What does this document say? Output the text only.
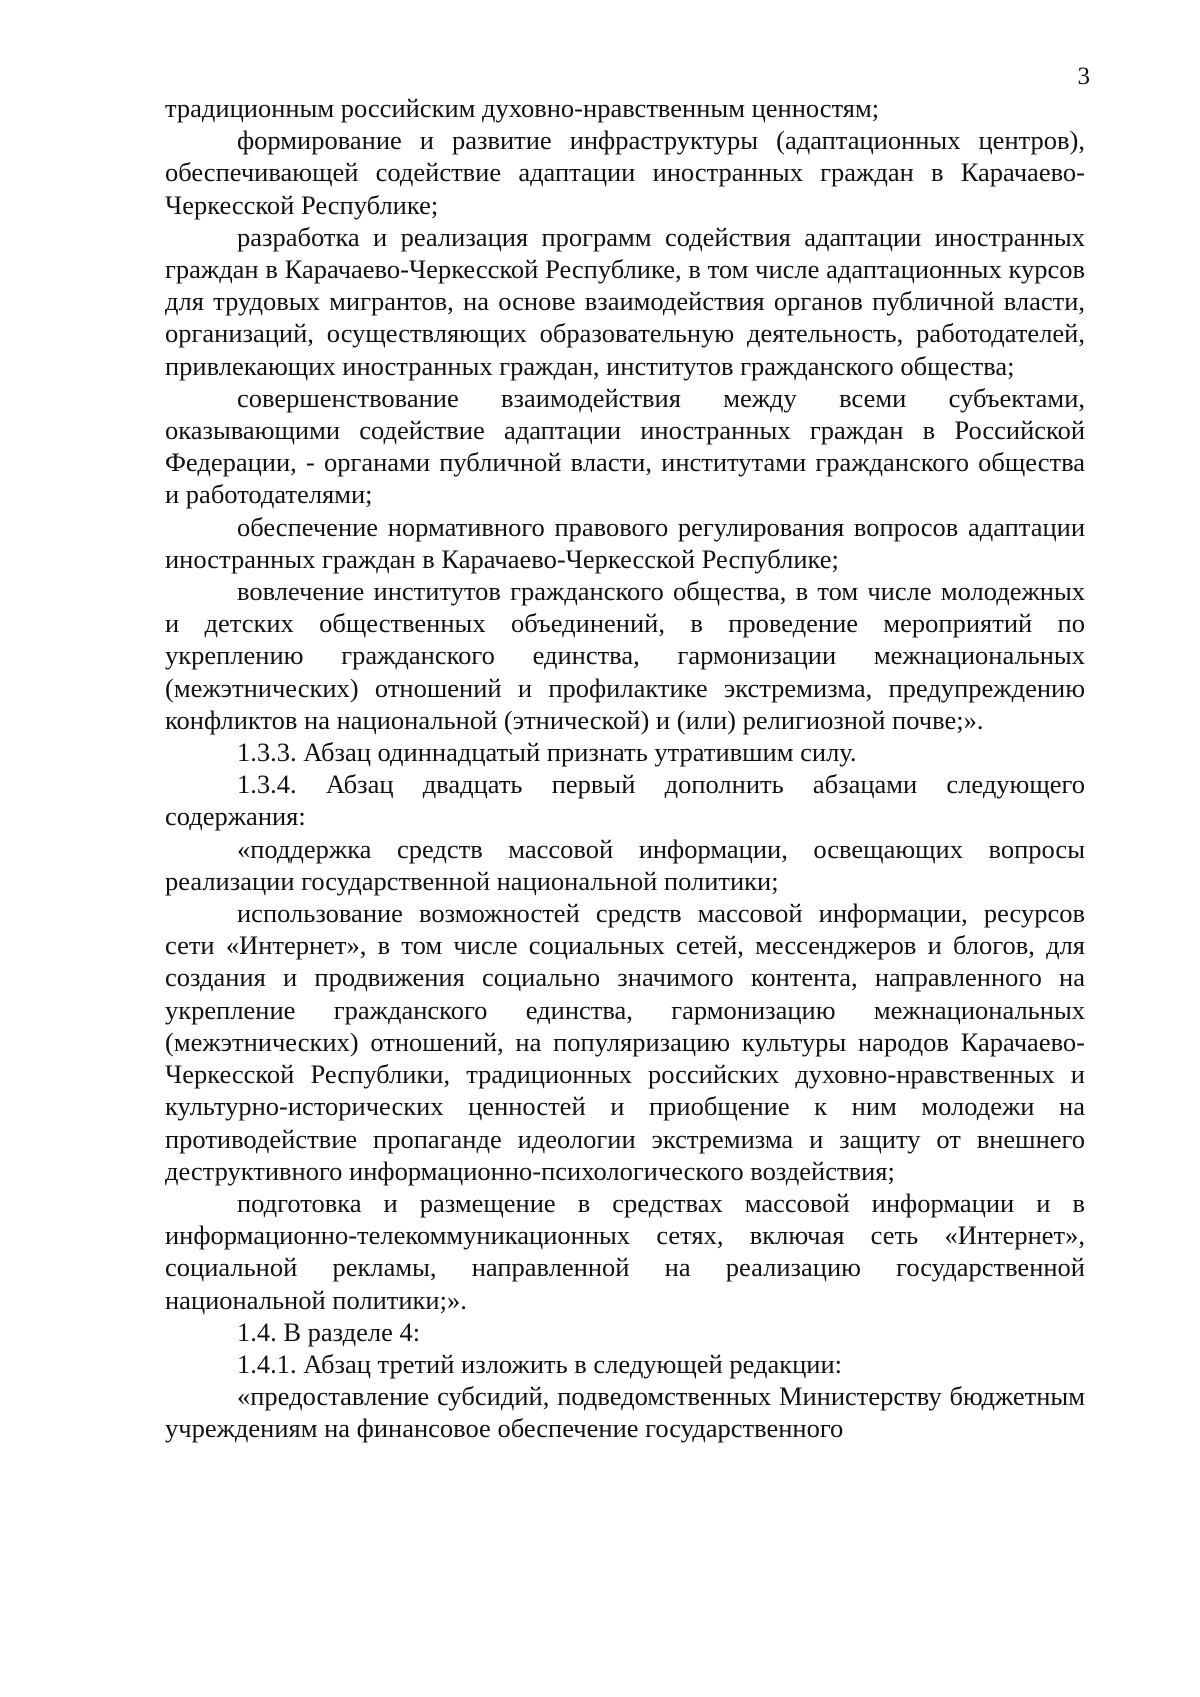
3

традиционным российским духовно-нравственным ценностям;

формирование и развитие инфраструктуры (адаптационных центров), обеспечивающей содействие адаптации иностранных граждан в Карачаево-Черкесской Республике;

разработка и реализация программ содействия адаптации иностранных граждан в Карачаево-Черкесской Республике, в том числе адаптационных курсов для трудовых мигрантов, на основе взаимодействия органов публичной власти, организаций, осуществляющих образовательную деятельность, работодателей, привлекающих иностранных граждан, институтов гражданского общества;

совершенствование взаимодействия между всеми субъектами, оказывающими содействие адаптации иностранных граждан в Российской Федерации, - органами публичной власти, институтами гражданского общества и работодателями;

обеспечение нормативного правового регулирования вопросов адаптации иностранных граждан в Карачаево-Черкесской Республике;

вовлечение институтов гражданского общества, в том числе молодежных и детских общественных объединений, в проведение мероприятий по укреплению гражданского единства, гармонизации межнациональных (межэтнических) отношений и профилактике экстремизма, предупреждению конфликтов на национальной (этнической) и (или) религиозной почве;».

1.3.3. Абзац одиннадцатый признать утратившим силу.

1.3.4. Абзац двадцать первый дополнить абзацами следующего содержания:

«поддержка средств массовой информации, освещающих вопросы реализации государственной национальной политики;

использование возможностей средств массовой информации, ресурсов сети «Интернет», в том числе социальных сетей, мессенджеров и блогов, для создания и продвижения социально значимого контента, направленного на укрепление гражданского единства, гармонизацию межнациональных (межэтнических) отношений, на популяризацию культуры народов Карачаево-Черкесской Республики, традиционных российских духовно-нравственных и культурно-исторических ценностей и приобщение к ним молодежи на противодействие пропаганде идеологии экстремизма и защиту от внешнего деструктивного информационно-психологического воздействия;

подготовка и размещение в средствах массовой информации и в информационно-телекоммуникационных сетях, включая сеть «Интернет», социальной рекламы, направленной на реализацию государственной национальной политики;».

1.4. В разделе 4:

1.4.1. Абзац третий изложить в следующей редакции:

«предоставление субсидий, подведомственных Министерству бюджетным учреждениям на финансовое обеспечение государственного
